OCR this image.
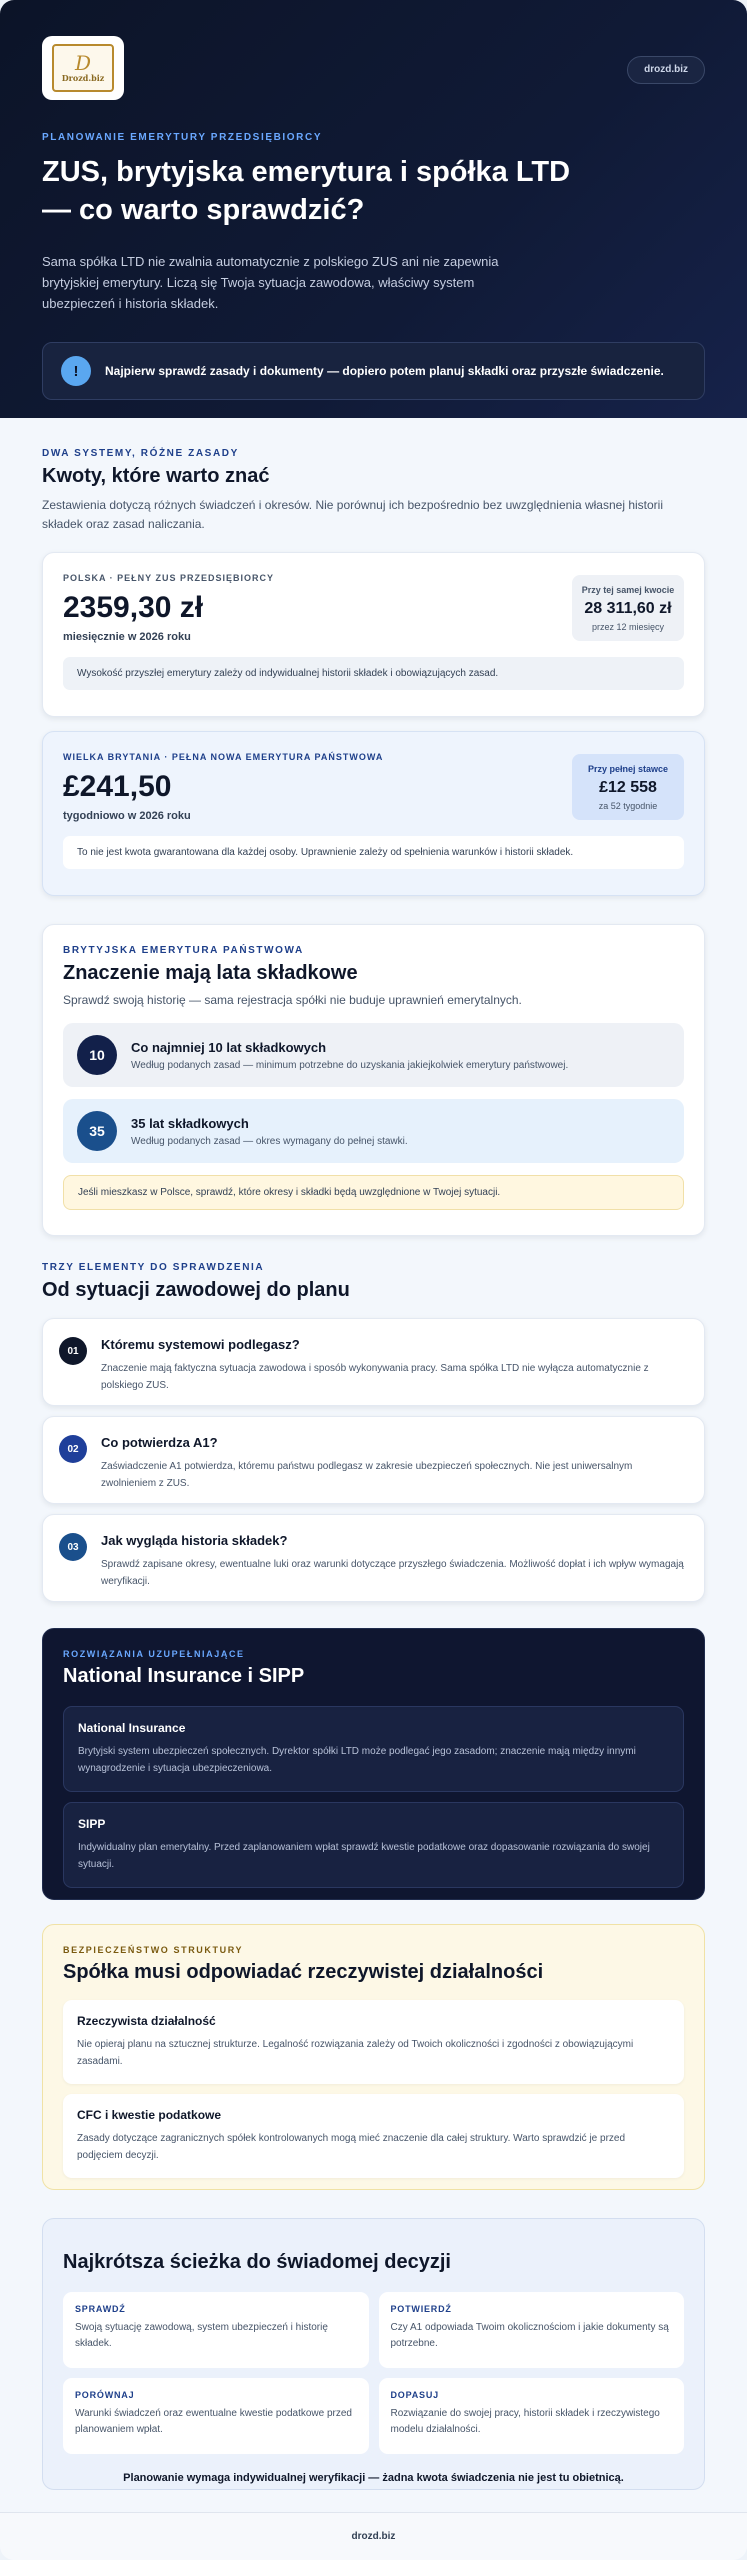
D
Drozd.biz
drozd.biz
PLANOWANIE EMERYTURY PRZEDSIĘBIORCY
ZUS, brytyjska emerytura i spółka LTD — co warto sprawdzić?

Sama spółka LTD nie zwalnia automatycznie z polskiego ZUS ani nie zapewnia brytyjskiej emerytury. Liczą się Twoja sytuacja zawodowa, właściwy system ubezpieczeń i historia składek.

!	Najpierw sprawdź zasady i dokumenty — dopiero potem planuj składki oraz przyszłe świadczenie.
DWA SYSTEMY, RÓŻNE ZASADY
Kwoty, które warto znać

Zestawienia dotyczą różnych świadczeń i okresów. Nie porównuj ich bezpośrednio bez uwzględnienia własnej historii składek oraz zasad naliczania.

POLSKA · PEŁNY ZUS PRZEDSIĘBIORCY
2359,30 zł
miesięcznie w 2026 roku
Przy tej samej kwocie
28 311,60 zł
przez 12 miesięcy
Wysokość przyszłej emerytury zależy od indywidualnej historii składek i obowiązujących zasad.
WIELKA BRYTANIA · PEŁNA NOWA EMERYTURA PAŃSTWOWA
£241,50
tygodniowo w 2026 roku
Przy pełnej stawce
£12 558
za 52 tygodnie
To nie jest kwota gwarantowana dla każdej osoby. Uprawnienie zależy od spełnienia warunków i historii składek.
BRYTYJSKA EMERYTURA PAŃSTWOWA
Znaczenie mają lata składkowe

Sprawdź swoją historię — sama rejestracja spółki nie buduje uprawnień emerytalnych.

10	Co najmniej 10 lat składkowych
Według podanych zasad — minimum potrzebne do uzyskania jakiejkolwiek emerytury państwowej.
35	35 lat składkowych
Według podanych zasad — okres wymagany do pełnej stawki.
Jeśli mieszkasz w Polsce, sprawdź, które okresy i składki będą uwzględnione w Twojej sytuacji.
TRZY ELEMENTY DO SPRAWDZENIA
Od sytuacji zawodowej do planu
01	Któremu systemowi podlegasz?
Znaczenie mają faktyczna sytuacja zawodowa i sposób wykonywania pracy. Sama spółka LTD nie wyłącza automatycznie z polskiego ZUS.
02	Co potwierdza A1?
Zaświadczenie A1 potwierdza, któremu państwu podlegasz w zakresie ubezpieczeń społecznych. Nie jest uniwersalnym zwolnieniem z ZUS.
03	Jak wygląda historia składek?
Sprawdź zapisane okresy, ewentualne luki oraz warunki dotyczące przyszłego świadczenia. Możliwość dopłat i ich wpływ wymagają weryfikacji.
ROZWIĄZANIA UZUPEŁNIAJĄCE
National Insurance i SIPP
National Insurance
Brytyjski system ubezpieczeń społecznych. Dyrektor spółki LTD może podlegać jego zasadom; znaczenie mają między innymi wynagrodzenie i sytuacja ubezpieczeniowa.
SIPP
Indywidualny plan emerytalny. Przed zaplanowaniem wpłat sprawdź kwestie podatkowe oraz dopasowanie rozwiązania do swojej sytuacji.
BEZPIECZEŃSTWO STRUKTURY
Spółka musi odpowiadać rzeczywistej działalności
Rzeczywista działalność
Nie opieraj planu na sztucznej strukturze. Legalność rozwiązania zależy od Twoich okoliczności i zgodności z obowiązującymi zasadami.
CFC i kwestie podatkowe
Zasady dotyczące zagranicznych spółek kontrolowanych mogą mieć znaczenie dla całej struktury. Warto sprawdzić je przed podjęciem decyzji.
Najkrótsza ścieżka do świadomej decyzji
SPRAWDŹ
Swoją sytuację zawodową, system ubezpieczeń i historię składek.
POTWIERDŹ
Czy A1 odpowiada Twoim okolicznościom i jakie dokumenty są potrzebne.
PORÓWNAJ
Warunki świadczeń oraz ewentualne kwestie podatkowe przed planowaniem wpłat.
DOPASUJ
Rozwiązanie do swojej pracy, historii składek i rzeczywistego modelu działalności.
Planowanie wymaga indywidualnej weryfikacji — żadna kwota świadczenia nie jest tu obietnicą.
drozd.biz
